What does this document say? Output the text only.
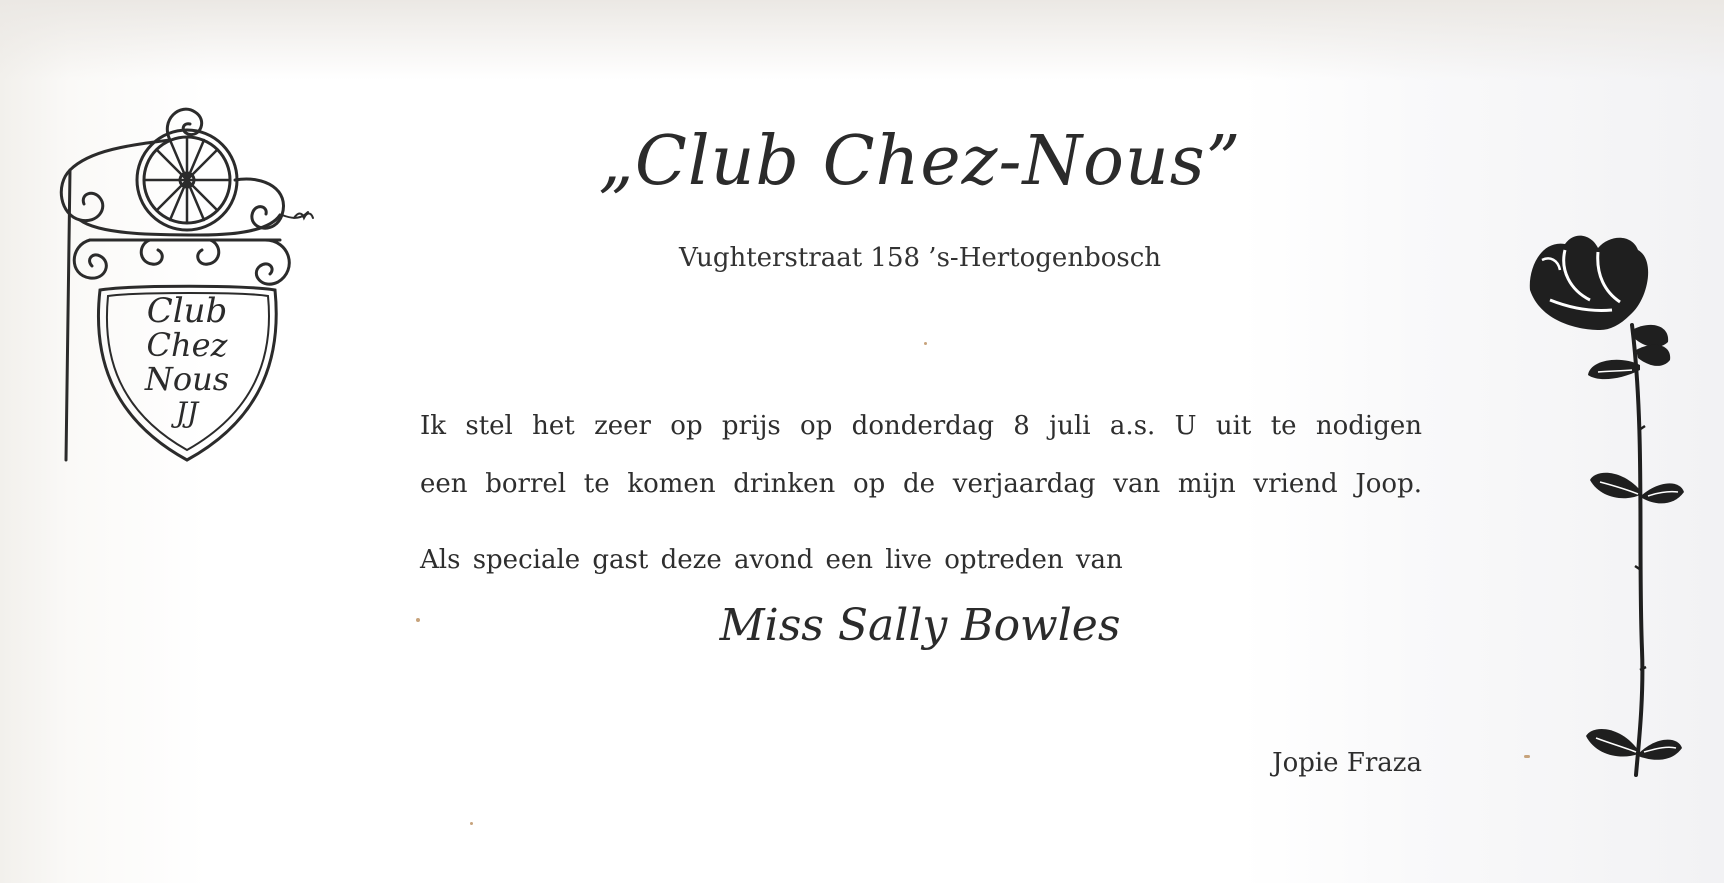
Club
Chez
Nous
JJ
„Club Chez-Nous”
Vughterstraat 158 ’s-Hertogenbosch
Ik stel het zeer op prijs op donderdag 8 juli a.s. U uit te nodigen
een borrel te komen drinken op de verjaardag van mijn vriend Joop.
Als speciale gast deze avond een live optreden van
Miss Sally Bowles
Jopie Fraza
